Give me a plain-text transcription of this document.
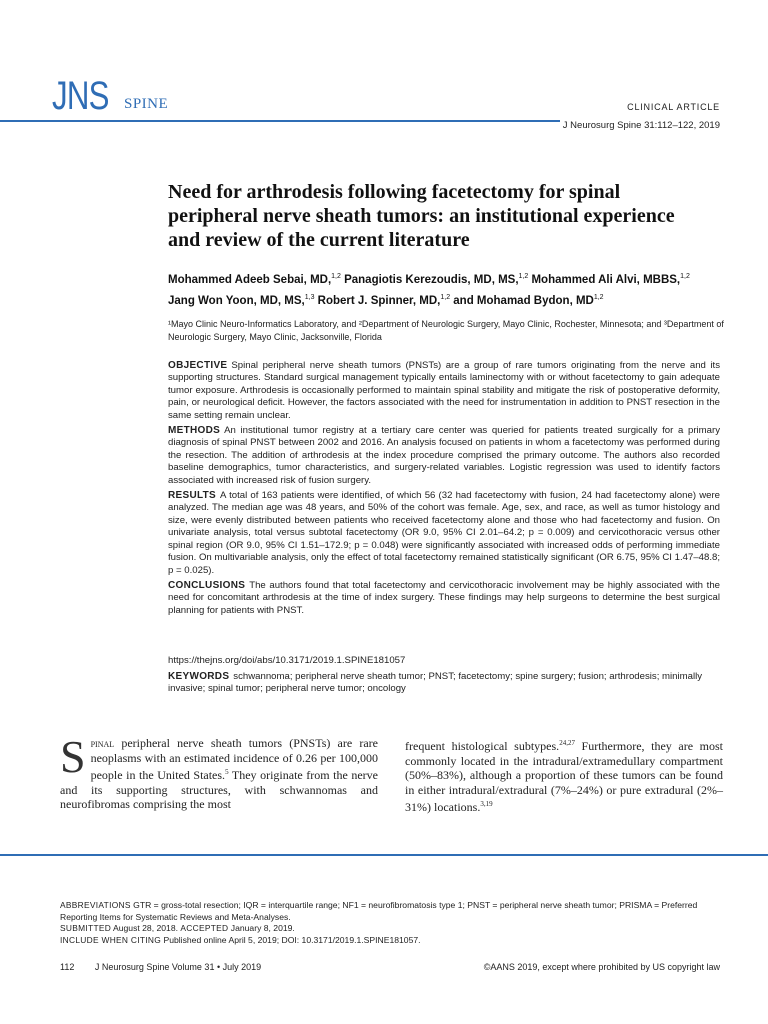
JNS SPINE	CLINICAL ARTICLE
J Neurosurg Spine 31:112–122, 2019
Need for arthrodesis following facetectomy for spinal peripheral nerve sheath tumors: an institutional experience and review of the current literature
Mohammed Adeeb Sebai, MD,$^{1,2}$ Panagiotis Kerezoudis, MD, MS,$^{1,2}$ Mohammed Ali Alvi, MBBS,$^{1,2}$
Jang Won Yoon, MD, MS,$^{1,3}$ Robert J. Spinner, MD,$^{1,2}$ and Mohamad Bydon, MD$^{1,2}$
¹Mayo Clinic Neuro-Informatics Laboratory, and ²Department of Neurologic Surgery, Mayo Clinic, Rochester, Minnesota; and ³Department of Neurologic Surgery, Mayo Clinic, Jacksonville, Florida

OBJECTIVE Spinal peripheral nerve sheath tumors (PNSTs) are a group of rare tumors originating from the nerve and its supporting structures. Standard surgical management typically entails laminectomy with or without facetectomy to gain adequate tumor exposure. Arthrodesis is occasionally performed to maintain spinal stability and mitigate the risk of postoperative deformity, pain, or neurological deficit. However, the factors associated with the need for instrumentation in addition to PNST resection in the same setting remain unclear.

METHODS An institutional tumor registry at a tertiary care center was queried for patients treated surgically for a primary diagnosis of spinal PNST between 2002 and 2016. An analysis focused on patients in whom a facetectomy was performed during the resection. The addition of arthrodesis at the index procedure comprised the primary outcome. The authors also recorded baseline demographics, tumor characteristics, and surgery-related variables. Logistic regression was used to identify factors associated with increased risk of fusion surgery.

RESULTS A total of 163 patients were identified, of which 56 (32 had facetectomy with fusion, 24 had facetectomy alone) were analyzed. The median age was 48 years, and 50% of the cohort was female. Age, sex, and race, as well as tumor histology and size, were evenly distributed between patients who received facetectomy alone and those who had facetectomy and fusion. On univariate analysis, total versus subtotal facetectomy (OR 9.0, 95% CI 2.01–64.2; p = 0.009) and cervicothoracic versus other spinal region (OR 9.0, 95% CI 1.51–172.9; p = 0.048) were significantly associated with increased odds of performing immediate fusion. On multivariable analysis, only the effect of total facetectomy remained statistically significant (OR 6.75, 95% CI 1.47–48.8; p = 0.025).

CONCLUSIONS The authors found that total facetectomy and cervicothoracic involvement may be highly associated with the need for concomitant arthrodesis at the time of index surgery. These findings may help surgeons to determine the best surgical planning for patients with PNST.

https://thejns.org/doi/abs/10.3171/2019.1.SPINE181057
KEYWORDS schwannoma; peripheral nerve sheath tumor; PNST; facetectomy; spine surgery; fusion; arthrodesis; minimally invasive; spinal tumor; peripheral nerve tumor; oncology
Spinal peripheral nerve sheath tumors (PNSTs) are rare neoplasms with an estimated incidence of 0.26 per 100,000 people in the United States.$^5$ They originate from the nerve and its supporting structures, with schwannomas and neurofibromas comprising the most
frequent histological subtypes.$^{24,27}$ Furthermore, they are most commonly located in the intradural/extramedullary compartment (50%–83%), although a proportion of these tumors can be found in either intradural/extradural (7%–24%) or pure extradural (2%–31%) locations.$^{3,19}$
ABBREVIATIONS GTR = gross-total resection; IQR = interquartile range; NF1 = neurofibromatosis type 1; PNST = peripheral nerve sheath tumor; PRISMA = Preferred Reporting Items for Systematic Reviews and Meta-Analyses.
SUBMITTED August 28, 2018. ACCEPTED January 8, 2019.
INCLUDE WHEN CITING Published online April 5, 2019; DOI: 10.3171/2019.1.SPINE181057.
112 J Neurosurg Spine Volume 31 • July 2019	©AANS 2019, except where prohibited by US copyright law
